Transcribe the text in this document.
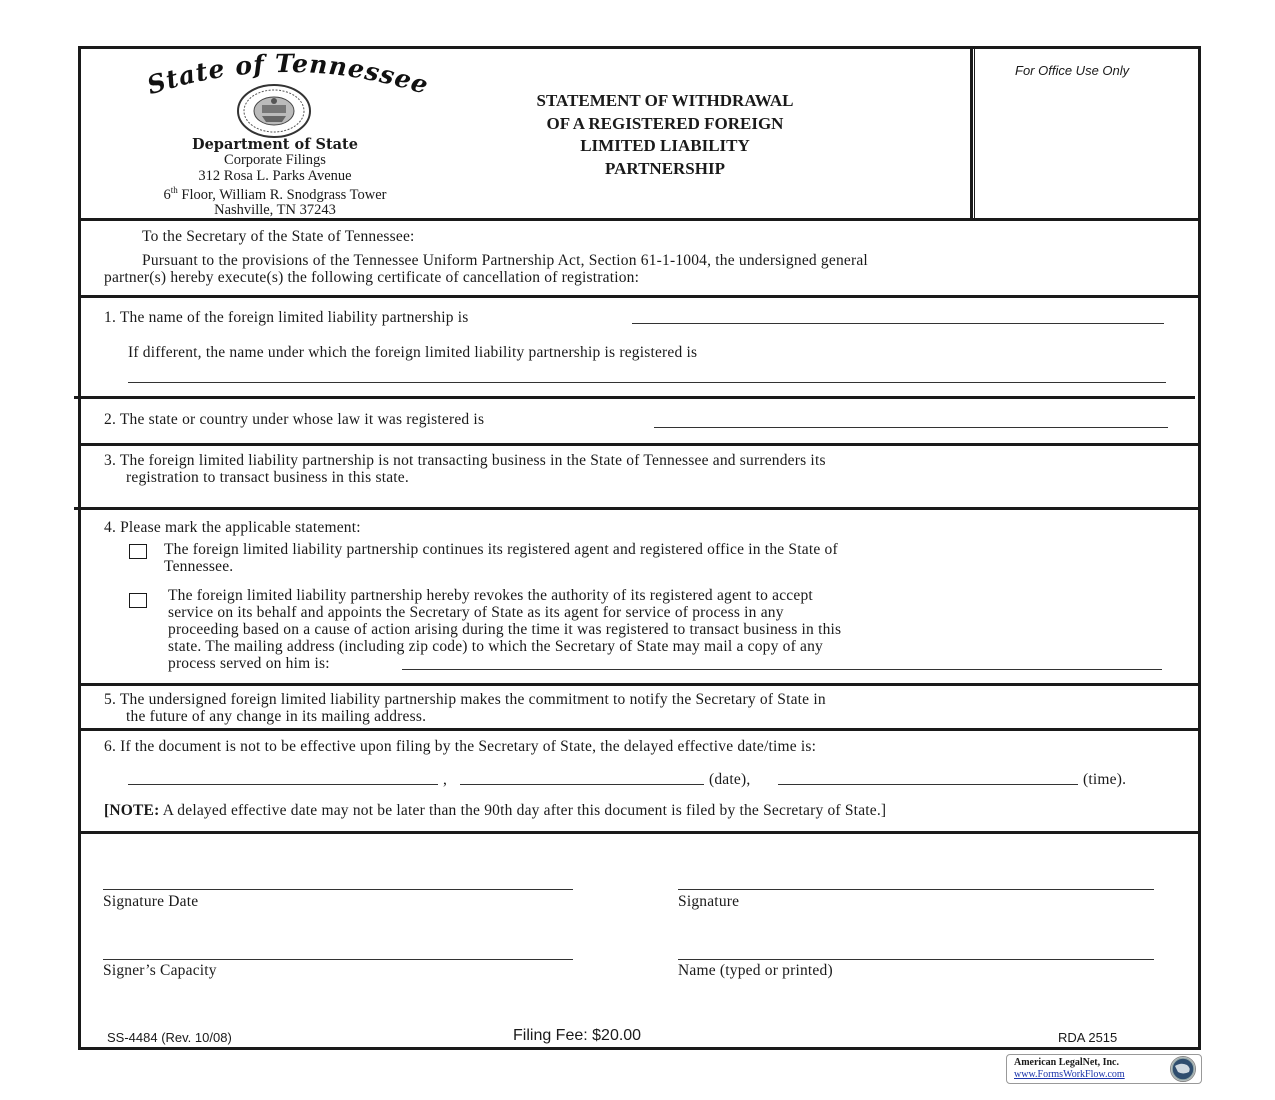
State of Tennessee
Department of State
Corporate Filings
312 Rosa L. Parks Avenue
6th Floor, William R. Snodgrass Tower
Nashville, TN 37243
STATEMENT OF WITHDRAWAL
OF A REGISTERED FOREIGN
LIMITED LIABILITY
PARTNERSHIP
For Office Use Only
To the Secretary of the State of Tennessee:
Pursuant to the provisions of the Tennessee Uniform Partnership Act, Section 61-1-1004, the undersigned general
partner(s) hereby execute(s) the following certificate of cancellation of registration:
1. The name of the foreign limited liability partnership is
If different, the name under which the foreign limited liability partnership is registered is
2. The state or country under whose law it was registered is
3. The foreign limited liability partnership is not transacting business in the State of Tennessee and surrenders its
registration to transact business in this state.
4. Please mark the applicable statement:
The foreign limited liability partnership continues its registered agent and registered office in the State of
Tennessee.
The foreign limited liability partnership hereby revokes the authority of its registered agent to accept
service on its behalf and appoints the Secretary of State as its agent for service of process in any
proceeding based on a cause of action arising during the time it was registered to transact business in this
state. The mailing address (including zip code) to which the Secretary of State may mail a copy of any
process served on him is:
5. The undersigned foreign limited liability partnership makes the commitment to notify the Secretary of State in
the future of any change in its mailing address.
6. If the document is not to be effective upon filing by the Secretary of State, the delayed effective date/time is:
,	(date),	(time).
[NOTE: A delayed effective date may not be later than the 90th day after this document is filed by the Secretary of State.]
Signature Date	Signature
Signer’s Capacity	Name (typed or printed)
SS-4484 (Rev. 10/08)	Filing Fee: $20.00	RDA 2515
American LegalNet, Inc.
www.FormsWorkFlow.com
